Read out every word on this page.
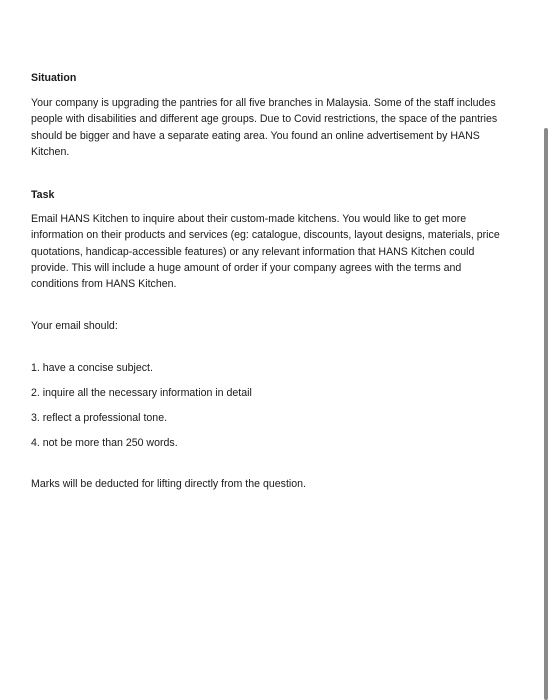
Situation

Your company is upgrading the pantries for all five branches in Malaysia. Some of the staff includes people with disabilities and different age groups. Due to Covid restrictions, the space of the pantries should be bigger and have a separate eating area. You found an online advertisement by HANS Kitchen.

Task

Email HANS Kitchen to inquire about their custom-made kitchens. You would like to get more information on their products and services (eg: catalogue, discounts, layout designs, materials, price quotations, handicap-accessible features) or any relevant information that HANS Kitchen could provide. This will include a huge amount of order if your company agrees with the terms and conditions from HANS Kitchen.

Your email should:

1. have a concise subject.
2. inquire all the necessary information in detail
3. reflect a professional tone.
4. not be more than 250 words.

Marks will be deducted for lifting directly from the question.
